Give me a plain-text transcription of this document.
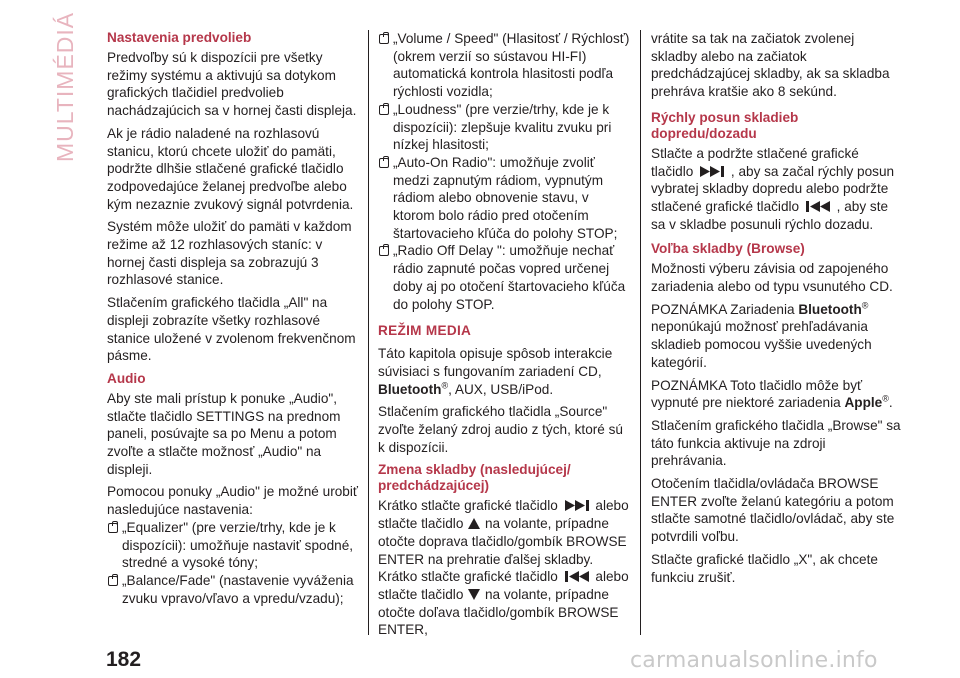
MULTIMÉDIÁ Nastavenia predvolieb

Predvoľby sú k dispozícii pre všetky režimy systému a aktivujú sa dotykom grafických tlačidiel predvolieb nachádzajúcich sa v hornej časti displeja.

Ak je rádio naladené na rozhlasovú stanicu, ktorú chcete uložiť do pamäti, podržte dlhšie stlačené grafické tlačidlo zodpovedajúce želanej predvoľbe alebo kým nezaznie zvukový signál potvrdenia.

Systém môže uložiť do pamäti v každom režime až 12 rozhlasových staníc: v hornej časti displeja sa zobrazujú 3 rozhlasové stanice.

Stlačením grafického tlačidla „All" na displeji zobrazíte všetky rozhlasové stanice uložené v zvolenom frekvenčnom pásme.

Audio

Aby ste mali prístup k ponuke „Audio", stlačte tlačidlo SETTINGS na prednom paneli, posúvajte sa po Menu a potom zvoľte a stlačte možnosť „Audio" na displeji.

Pomocou ponuky „Audio" je možné urobiť nasledujúce nastavenia:

„Equalizer" (pre verzie/trhy, kde je k dispozícii): umožňuje nastaviť spodné, stredné a vysoké tóny;
„Balance/Fade" (nastavenie vyváženia zvuku vpravo/vľavo a vpredu/vzadu);
„Volume / Speed" (Hlasitosť / Rýchlosť) (okrem verzií so sústavou HI-FI) automatická kontrola hlasitosti podľa rýchlosti vozidla;
„Loudness" (pre verzie/trhy, kde je k dispozícii): zlepšuje kvalitu zvuku pri nízkej hlasitosti;
„Auto-On Radio": umožňuje zvoliť medzi zapnutým rádiom, vypnutým rádiom alebo obnovenie stavu, v ktorom bolo rádio pred otočením štartovacieho kľúča do polohy STOP;
„Radio Off Delay ": umožňuje nechať rádio zapnuté počas vopred určenej doby aj po otočení štartovacieho kľúča do polohy STOP.
REŽIM MEDIA

Táto kapitola opisuje spôsob interakcie súvisiaci s fungovaním zariadení CD, Bluetooth®, AUX, USB/iPod.

Stlačením grafického tlačidla „Source" zvoľte želaný zdroj audio z tých, ktoré sú k dispozícii.

Zmena skladby (nasledujúcej/ predchádzajúcej)

Krátko stlačte grafické tlačidlo	alebo stlačte tlačidlo na volante, prípadne otočte doprava tlačidlo/gombík BROWSE ENTER na prehratie ďalšej skladby. Krátko stlačte grafické tlačidlo	alebo stlačte tlačidlo na volante, prípadne otočte doľava tlačidlo/gombík BROWSE ENTER,

vrátite sa tak na začiatok zvolenej skladby alebo na začiatok predchádzajúcej skladby, ak sa skladba prehráva kratšie ako 8 sekúnd.

Rýchly posun skladieb dopredu/dozadu

Stlačte a podržte stlačené grafické tlačidlo	, aby sa začal rýchly posun vybratej skladby dopredu alebo podržte stlačené grafické tlačidlo	, aby ste sa v skladbe posunuli rýchlo dozadu.

Voľba skladby (Browse)

Možnosti výberu závisia od zapojeného zariadenia alebo od typu vsunutého CD.

POZNÁMKA Zariadenia Bluetooth® neponúkajú možnosť prehľadávania skladieb pomocou vyššie uvedených kategórií.

POZNÁMKA Toto tlačidlo môže byť vypnuté pre niektoré zariadenia Apple®.

Stlačením grafického tlačidla „Browse" sa táto funkcia aktivuje na zdroji prehrávania.

Otočením tlačidla/ovládača BROWSE ENTER zvoľte želanú kategóriu a potom stlačte samotné tlačidlo/ovládač, aby ste potvrdili voľbu.

Stlačte grafické tlačidlo „X", ak chcete funkciu zrušiť.

182	carmanualsonline.info
